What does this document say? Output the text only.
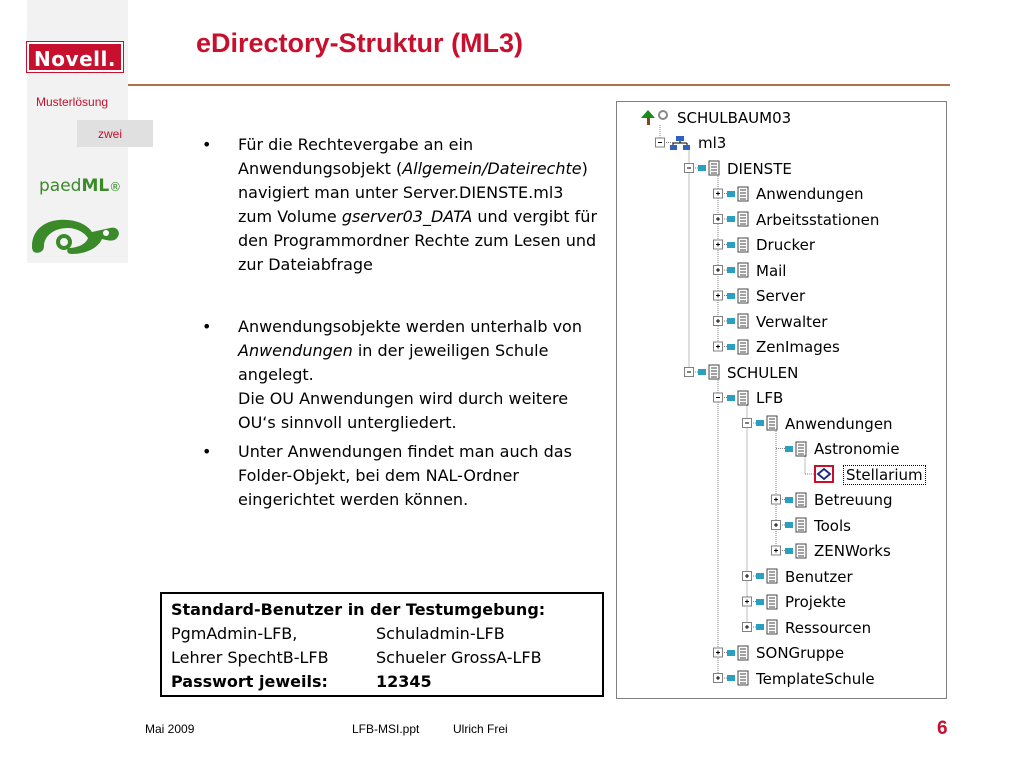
Novell.
eDirectory-Struktur (ML3)
Musterlösung
zwei
paedML®
• Für die Rechtevergabe an ein Anwendungsobjekt (Allgemein/Dateirechte) navigiert man unter Server.DIENSTE.ml3 zum Volume gserver03_DATA und vergibt für den Programmordner Rechte zum Lesen und zur Dateiabfrage
• Anwendungsobjekte werden unterhalb von Anwendungen in der jeweiligen Schule angelegt.
Die OU Anwendungen wird durch weitere OU‘s sinnvoll untergliedert.
• Unter Anwendungen findet man auch das Folder-Objekt, bei dem NAL-Ordner eingerichtet werden können.
Standard-Benutzer in der Testumgebung:
PgmAdmin-LFB,	Schuladmin-LFB
Lehrer SpechtB-LFB	Schueler GrossA-LFB
Passwort jeweils:	12345
SCHULBAUM03
ml3
DIENSTE
Anwendungen
Arbeitsstationen
Drucker
Mail
Server
Verwalter
ZenImages
SCHULEN
LFB
Anwendungen
Astronomie
Stellarium
Betreuung
Tools
ZENWorks
Benutzer
Projekte
Ressourcen
SONGruppe
TemplateSchule
Mai 2009	LFB-MSI.ppt	Ulrich Frei	6
